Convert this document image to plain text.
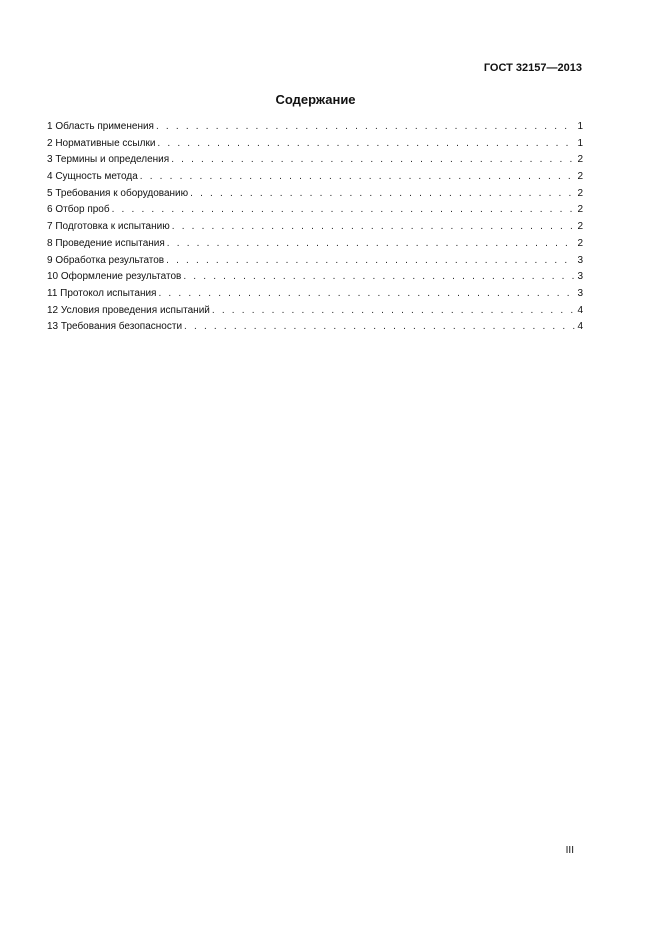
ГОСТ 32157—2013
Содержание
1 Область применения . . .	1
2 Нормативные ссылки . . .	1
3 Термины и определения . . .	2
4 Сущность метода . . .	2
5 Требования к оборудованию . . .	2
6 Отбор проб . . .	2
7 Подготовка к испытанию . . .	2
8 Проведение испытания . . .	2
9 Обработка результатов . . .	3
10 Оформление результатов . . .	3
11 Протокол испытания . . .	3
12 Условия проведения испытаний . . .	4
13 Требования безопасности . . .	4
III
